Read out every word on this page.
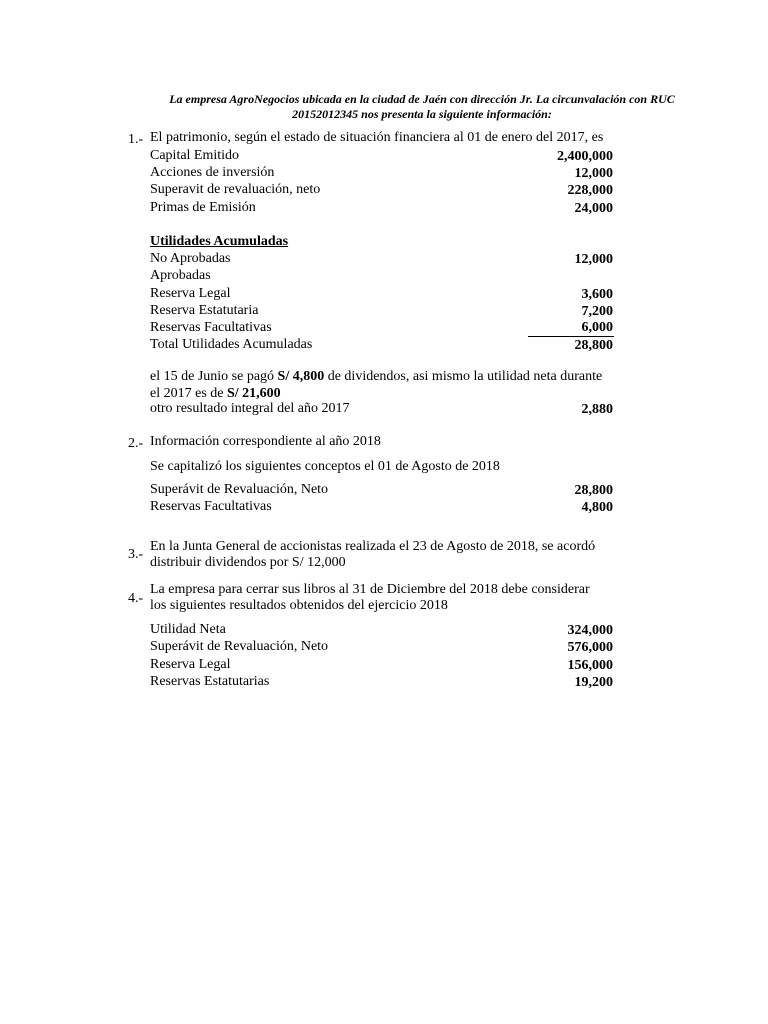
La empresa AgroNegocios ubicada en la ciudad de Jaén con dirección Jr. La circunvalación con RUC
20152012345 nos presenta la siguiente información:
1.- El patrimonio, según el estado de situación financiera al 01 de enero del 2017, es
Capital Emitido	2,400,000
Acciones de inversión	12,000
Superavit de revaluación, neto	228,000
Primas de Emisión	24,000
Utilidades Acumuladas
No Aprobadas	12,000
Aprobadas
Reserva Legal	3,600
Reserva Estatutaria	7,200
Reservas Facultativas	6,000
Total Utilidades Acumuladas	28,800
el 15 de Junio se pagó S/ 4,800 de dividendos, asi mismo la utilidad neta durante
el 2017 es de S/ 21,600
otro resultado integral del año 2017	2,880
2.- Información correspondiente al año 2018
Se capitalizó los siguientes conceptos el 01 de Agosto de 2018
Superávit de Revaluación, Neto	28,800
Reservas Facultativas	4,800
3.-
En la Junta General de accionistas realizada el 23 de Agosto de 2018, se acordó
distribuir dividendos por S/ 12,000
4.-
La empresa para cerrar sus libros al 31 de Diciembre del 2018 debe considerar
los siguientes resultados obtenidos del ejercicio 2018
Utilidad Neta	324,000
Superávit de Revaluación, Neto	576,000
Reserva Legal	156,000
Reservas Estatutarias	19,200
